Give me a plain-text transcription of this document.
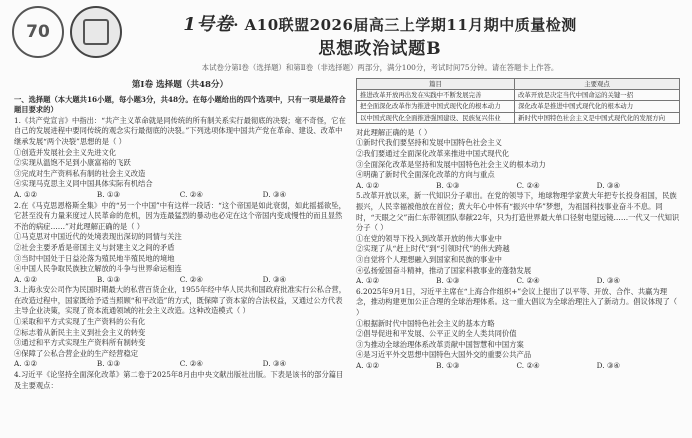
70	1号卷· A10联盟2026届高三上学期11月期中质量检测
思想政治试题B
本试卷分第Ⅰ卷（选择题）和第Ⅱ卷（非选择题）两部分，满分100分，考试时间75分钟。请在答题卡上作答。
第Ⅰ卷 选择题（共48分）

一、选择题（本大题共16小题，每小题3分，共48分。在每小题给出的四个选项中，只有一项是最符合题目要求的）

1.《共产党宣言》中指出：“共产主义革命就是同传统的所有制关系实行最彻底的决裂；毫不奇怪，它在自己的发展进程中要同传统的观念实行最彻底的决裂。”下列选项体现中国共产党在革命、建设、改革中继承发展“两个决裂”思想的是（ ）

①创造并发展社会主义先进文化

②实现从温饱不足到小康富裕的飞跃

③完成对生产资料私有制的社会主义改造

④实现马克思主义同中国具体实际有机结合

A. ①②	B. ①③	C. ②④	D. ③④

2.在《马克思恩格斯全集》中的“另一个中国”中有这样一段话：“这个帝国是如此衰弱，如此摇摇欲坠，它甚至没有力量来度过人民革命的危机，因为连最猛烈的暴动也必定在这个帝国内变成慢性的而且显然不治的病症……”对此理解正确的是（ ）

①马克思对中国近代的处境表现出深切的同情与关注

②社会主要矛盾是帝国主义与封建主义之间的矛盾

③当时中国处于日益沦落为殖民地半殖民地的境地

④中国人民争取民族独立解放的斗争与世界命运相连

A. ①②	B. ①③	C. ②④	D. ③④

3.上海永安公司作为民国时期最大的私营百货企业，1955年经中华人民共和国政府批准实行公私合营，在改造过程中，国家既给予适当照顾“和平改造”的方式，既保障了资本家的合法权益，又通过公方代表主导企业决策，实现了资本流通领域的社会主义改造。这种改造模式（ ）

①采取和平方式实现了生产资料的公有化

②标志着从新民主主义到社会主义的转变

③通过和平方式实现生产资料所有制转变

④保障了公私合营企业的生产经营稳定

A. ①②	B. ①③	C. ②④	D. ③④

4.习近平《论坚持全面深化改革》第二卷于2025年8月由中央文献出版社出版。下表是该书的部分篇目及主要观点：

篇目	主要观点
推进改革开放再出发在实践中不断发展完善	改革开放是决定当代中国命运的关键一招
把全面深化改革作为推进中国式现代化的根本动力	深化改革是推进中国式现代化的根本动力
以中国式现代化全面推进强国建设、民族复兴伟业	新时代中国特色社会主义是中国式现代化的发展方向

对此理解正确的是（ ）

①新时代我们要坚持和发展中国特色社会主义

②我们要通过全面深化改革来推进中国式现代化

③全面深化改革是坚持和发展中国特色社会主义的根本动力

④明确了新时代全面深化改革的方向与重点

A. ①②	B. ①③	C. ②④	D. ③④

5.改革开放以来，新一代知识分子辈出。在党的领导下，地球物理学家黄大年把专长投身祖国，民族振兴，人民幸福被他放在首位；黄大年心中怀有“振兴中华”梦想，为祖国科技事业奋斗不息。同时，“天眼之父”南仁东带领团队奉献22年，只为打造世界最大单口径射电望远镜……一代又一代知识分子（ ）

①在党的领导下投入到改革开放的伟大事业中

②实现了从“赶上时代”到“引领时代”的伟大跨越

③自觉将个人理想融入到国家和民族的事业中

④弘扬爱国奋斗精神，推动了国家科教事业的蓬勃发展

A. ①②	B. ①③	C. ②④	D. ③④

6.2025年9月1日，习近平主席在“上海合作组织+”会议上提出了以平等、开放、合作、共赢为理念，推动构建更加公正合理的全球治理体系。这一重大倡议为全球治理注入了新动力。倡议体现了（ ）

①根据新时代中国特色社会主义的基本方略

②倡导促进和平发展、公平正义的全人类共同价值

③为推动全球治理体系改革贡献中国智慧和中国方案

④是习近平外交思想中国特色大国外交的重要公共产品

A. ①②	B. ①③	C. ②④	D. ③④
